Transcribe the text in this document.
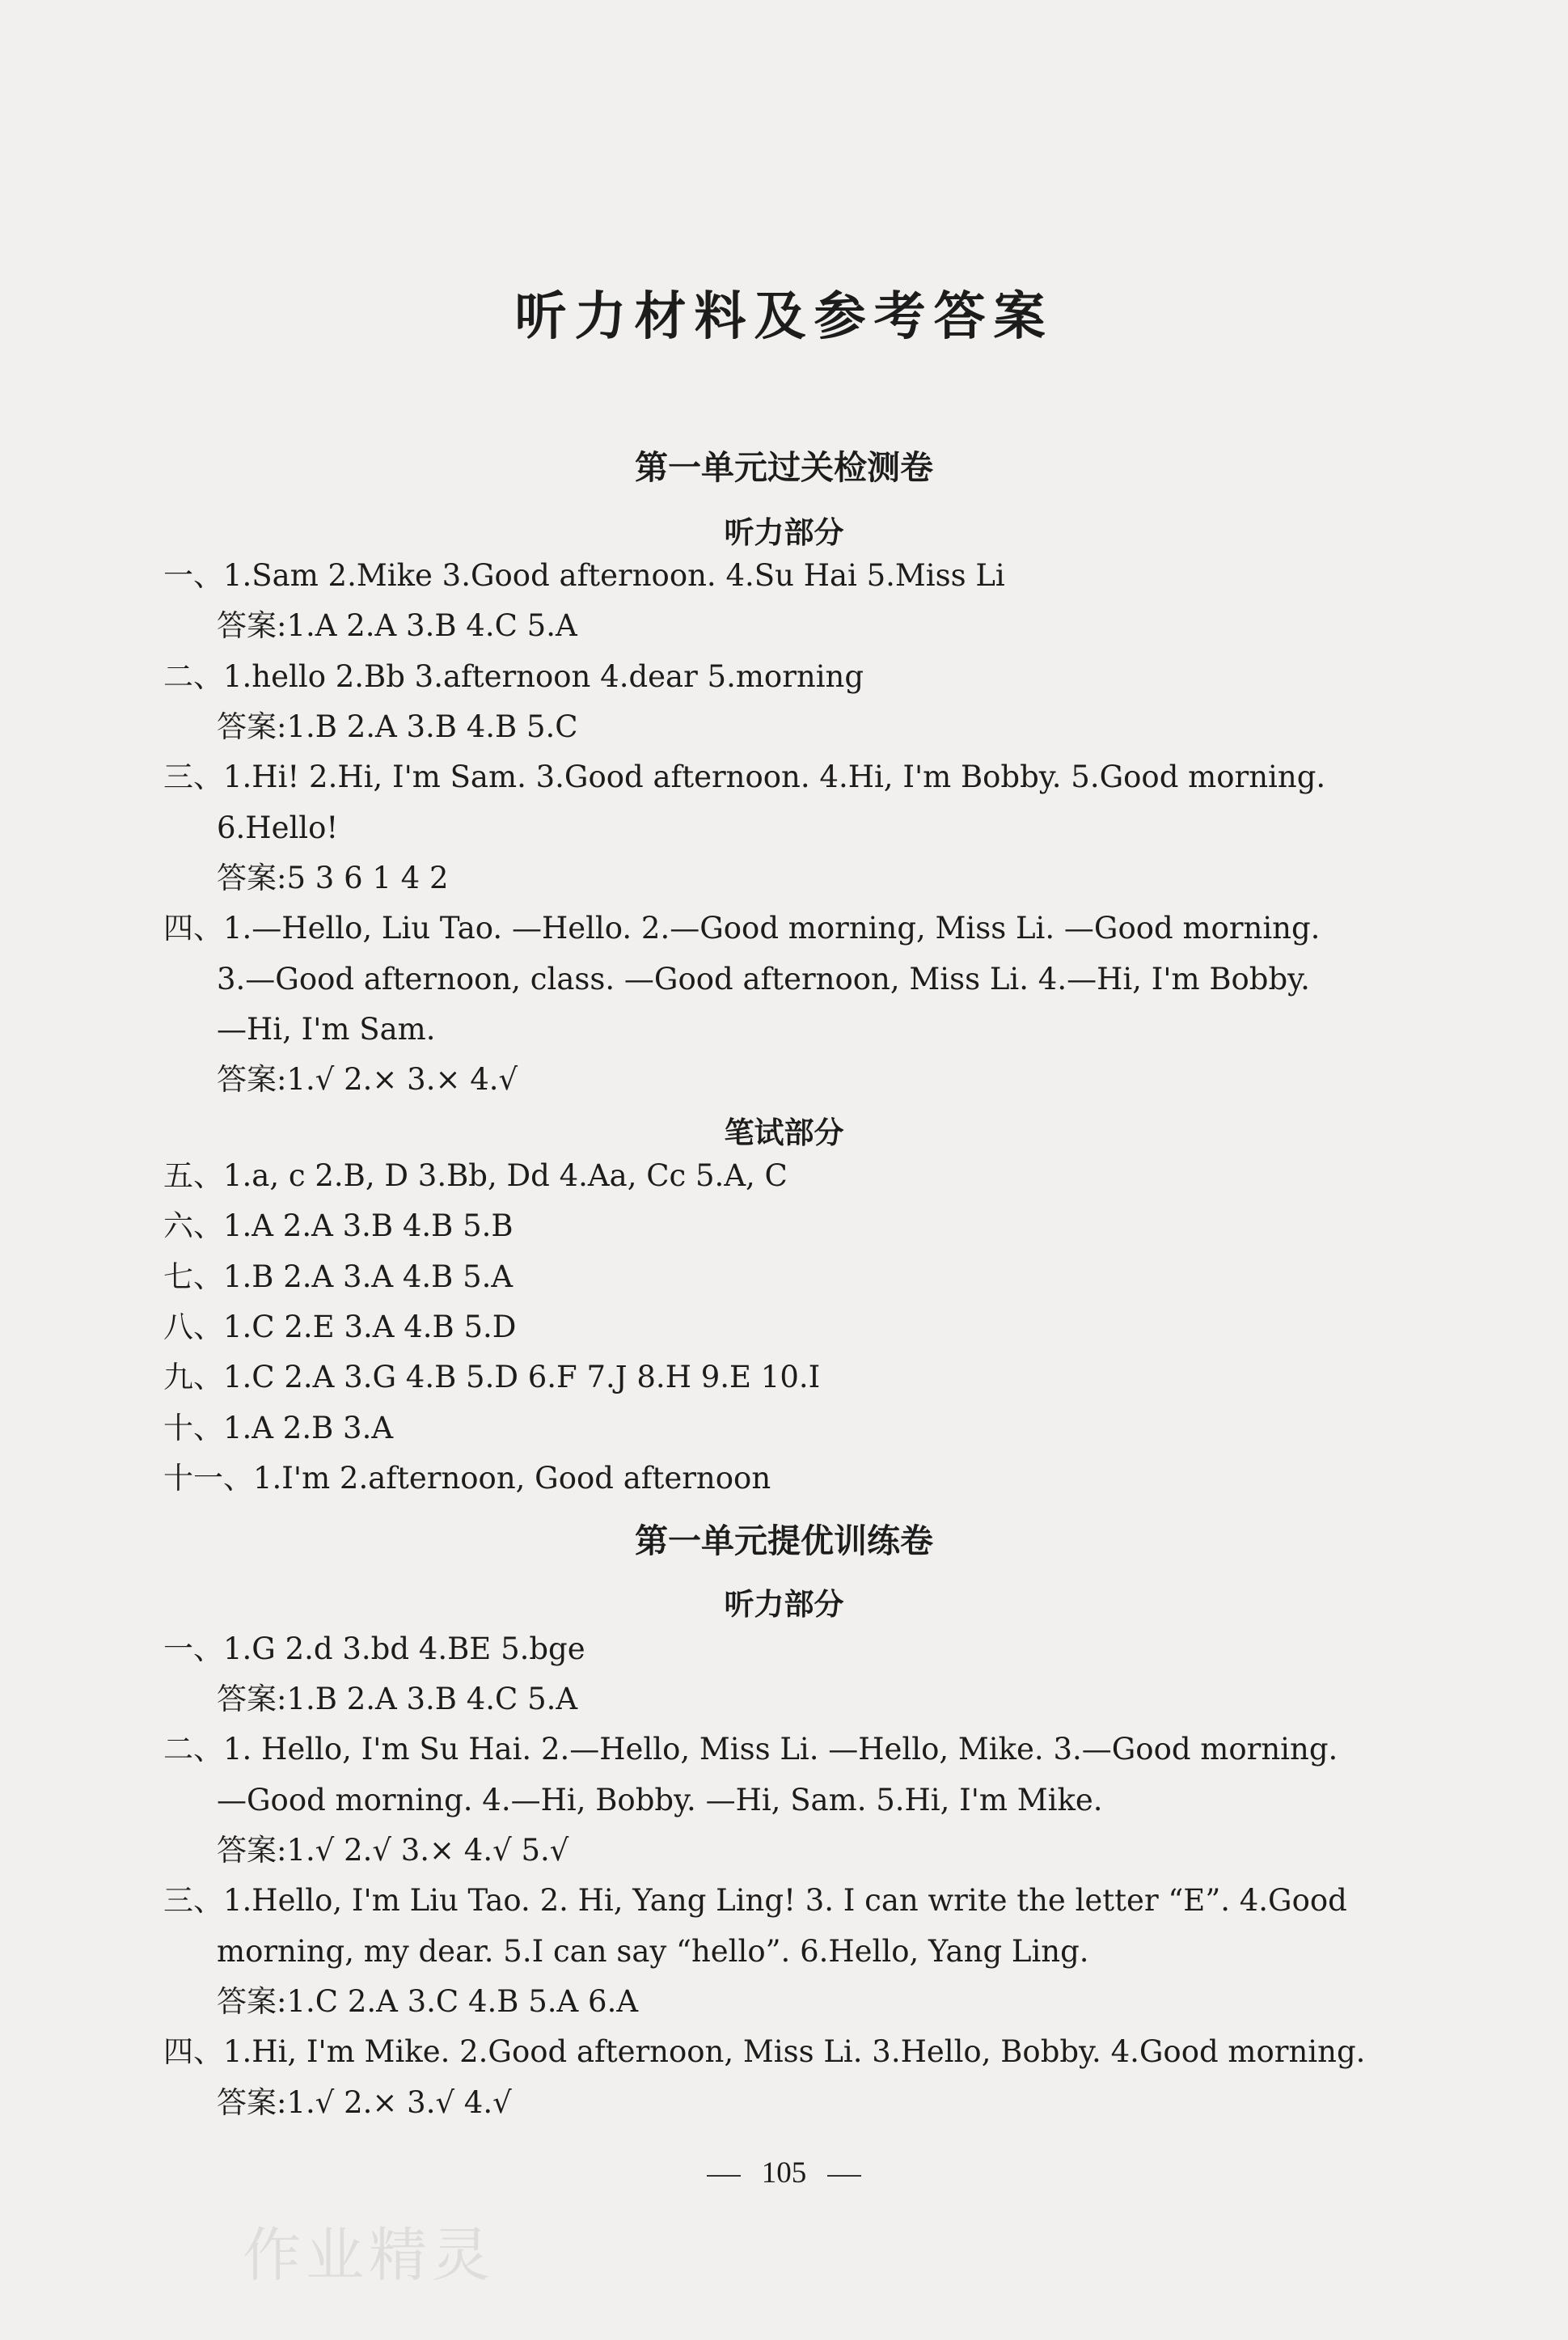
听力材料及参考答案
第一单元过关检测卷
听力部分
一、1.Sam 2.Mike 3.Good afternoon. 4.Su Hai 5.Miss Li
答案:1.A 2.A 3.B 4.C 5.A
二、1.hello 2.Bb 3.afternoon 4.dear 5.morning
答案:1.B 2.A 3.B 4.B 5.C
三、1.Hi! 2.Hi, I'm Sam. 3.Good afternoon. 4.Hi, I'm Bobby. 5.Good morning.
6.Hello!
答案:5 3 6 1 4 2
四、1.—Hello, Liu Tao. —Hello. 2.—Good morning, Miss Li. —Good morning.
3.—Good afternoon, class. —Good afternoon, Miss Li. 4.—Hi, I'm Bobby.
—Hi, I'm Sam.
答案:1.√ 2.× 3.× 4.√
笔试部分
五、1.a, c 2.B, D 3.Bb, Dd 4.Aa, Cc 5.A, C
六、1.A 2.A 3.B 4.B 5.B
七、1.B 2.A 3.A 4.B 5.A
八、1.C 2.E 3.A 4.B 5.D
九、1.C 2.A 3.G 4.B 5.D 6.F 7.J 8.H 9.E 10.I
十、1.A 2.B 3.A
十一、1.I'm 2.afternoon, Good afternoon
第一单元提优训练卷
听力部分
一、1.G 2.d 3.bd 4.BE 5.bge
答案:1.B 2.A 3.B 4.C 5.A
二、1. Hello, I'm Su Hai. 2.—Hello, Miss Li. —Hello, Mike. 3.—Good morning.
—Good morning. 4.—Hi, Bobby. —Hi, Sam. 5.Hi, I'm Mike.
答案:1.√ 2.√ 3.× 4.√ 5.√
三、1.Hello, I'm Liu Tao. 2. Hi, Yang Ling! 3. I can write the letter “E”. 4.Good
morning, my dear. 5.I can say “hello”. 6.Hello, Yang Ling.
答案:1.C 2.A 3.C 4.B 5.A 6.A
四、1.Hi, I'm Mike. 2.Good afternoon, Miss Li. 3.Hello, Bobby. 4.Good morning.
答案:1.√ 2.× 3.√ 4.√
105
作业精灵
